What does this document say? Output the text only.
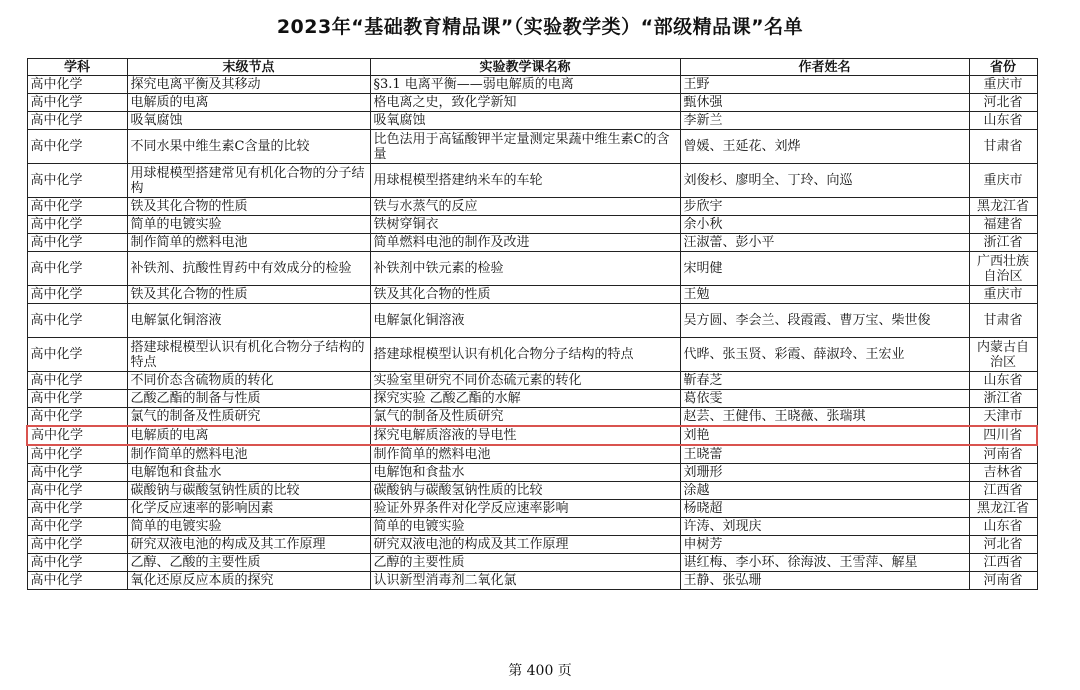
2023年“基础教育精品课”（实验教学类）“部级精品课”名单
学科	末级节点	实验教学课名称	作者姓名	省份
高中化学	探究电离平衡及其移动	§3.1 电离平衡——弱电解质的电离	王野	重庆市
高中化学	电解质的电离	格电离之史，致化学新知	甄休强	河北省
高中化学	吸氧腐蚀	吸氧腐蚀	李新兰	山东省
高中化学	不同水果中维生素C含量的比较	比色法用于高锰酸钾半定量测定果蔬中维生素C的含量	曾媛、王延花、刘烨	甘肃省
高中化学	用球棍模型搭建常见有机化合物的分子结构	用球棍模型搭建纳米车的车轮	刘俊杉、廖明全、丁玲、向巡	重庆市
高中化学	铁及其化合物的性质	铁与水蒸气的反应	步欣宇	黑龙江省
高中化学	简单的电镀实验	铁树穿铜衣	余小秋	福建省
高中化学	制作简单的燃料电池	简单燃料电池的制作及改进	汪淑蕾、彭小平	浙江省
高中化学	补铁剂、抗酸性胃药中有效成分的检验	补铁剂中铁元素的检验	宋明健	广西壮族自治区
高中化学	铁及其化合物的性质	铁及其化合物的性质	王勉	重庆市
高中化学	电解氯化铜溶液	电解氯化铜溶液	吴方圆、李会兰、段霞霞、曹万宝、柴世俊	甘肃省
高中化学	搭建球棍模型认识有机化合物分子结构的特点	搭建球棍模型认识有机化合物分子结构的特点	代晔、张玉贤、彩霞、薛淑玲、王宏业	内蒙古自治区
高中化学	不同价态含硫物质的转化	实验室里研究不同价态硫元素的转化	靳春芝	山东省
高中化学	乙酸乙酯的制备与性质	探究实验 乙酸乙酯的水解	葛依雯	浙江省
高中化学	氯气的制备及性质研究	氯气的制备及性质研究	赵芸、王健伟、王晓薇、张瑞琪	天津市
高中化学	电解质的电离	探究电解质溶液的导电性	刘艳	四川省
高中化学	制作简单的燃料电池	制作简单的燃料电池	王晓蕾	河南省
高中化学	电解饱和食盐水	电解饱和食盐水	刘珊形	吉林省
高中化学	碳酸钠与碳酸氢钠性质的比较	碳酸钠与碳酸氢钠性质的比较	涂越	江西省
高中化学	化学反应速率的影响因素	验证外界条件对化学反应速率影响	杨晓超	黑龙江省
高中化学	简单的电镀实验	简单的电镀实验	许涛、刘现庆	山东省
高中化学	研究双液电池的构成及其工作原理	研究双液电池的构成及其工作原理	申树芳	河北省
高中化学	乙醇、乙酸的主要性质	乙醇的主要性质	谌红梅、李小环、徐海波、王雪萍、解星	江西省
高中化学	氧化还原反应本质的探究	认识新型消毒剂二氧化氯	王静、张弘珊	河南省
第 400 页
